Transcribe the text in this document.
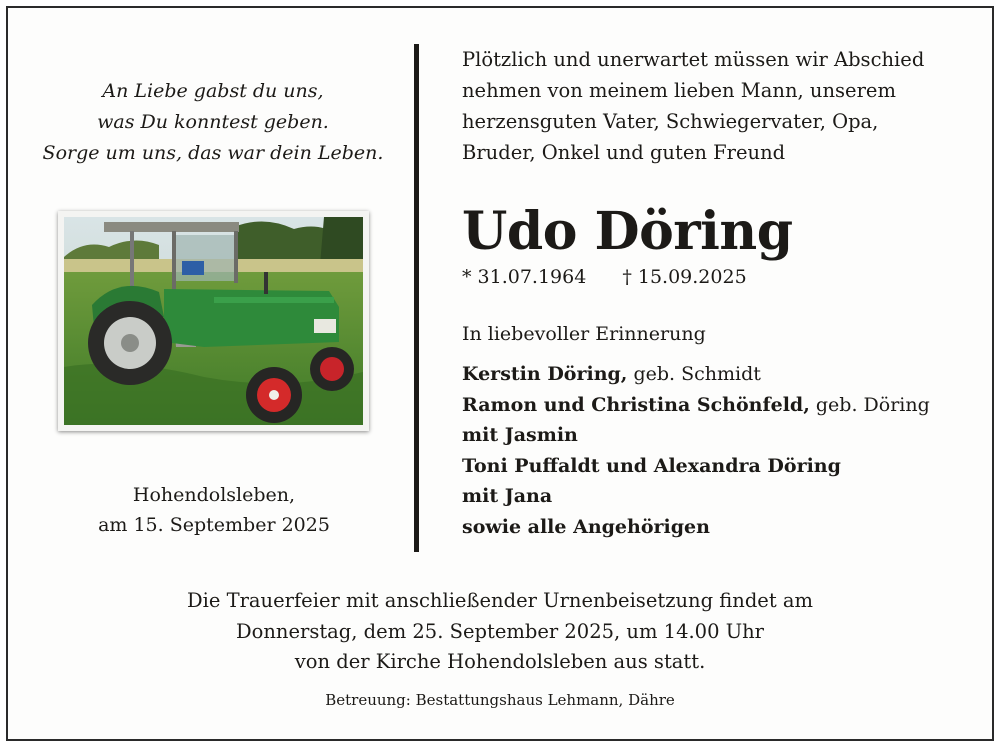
An Liebe gabst du uns,
was Du konntest geben.
Sorge um uns, das war dein Leben.
Hohendolsleben,
am 15. September 2025
Plötzlich und unerwartet müssen wir Abschied
nehmen von meinem lieben Mann, unserem
herzensguten Vater, Schwiegervater, Opa,
Bruder, Onkel und guten Freund
Udo Döring
* 31.07.1964 † 15.09.2025
In liebevoller Erinnerung
Kerstin Döring, geb. Schmidt
Ramon und Christina Schönfeld, geb. Döring
mit Jasmin
Toni Puffaldt und Alexandra Döring
mit Jana
sowie alle Angehörigen
Die Trauerfeier mit anschließender Urnenbeisetzung findet am
Donnerstag, dem 25. September 2025, um 14.00 Uhr
von der Kirche Hohendolsleben aus statt.
Betreuung: Bestattungshaus Lehmann, Dähre
